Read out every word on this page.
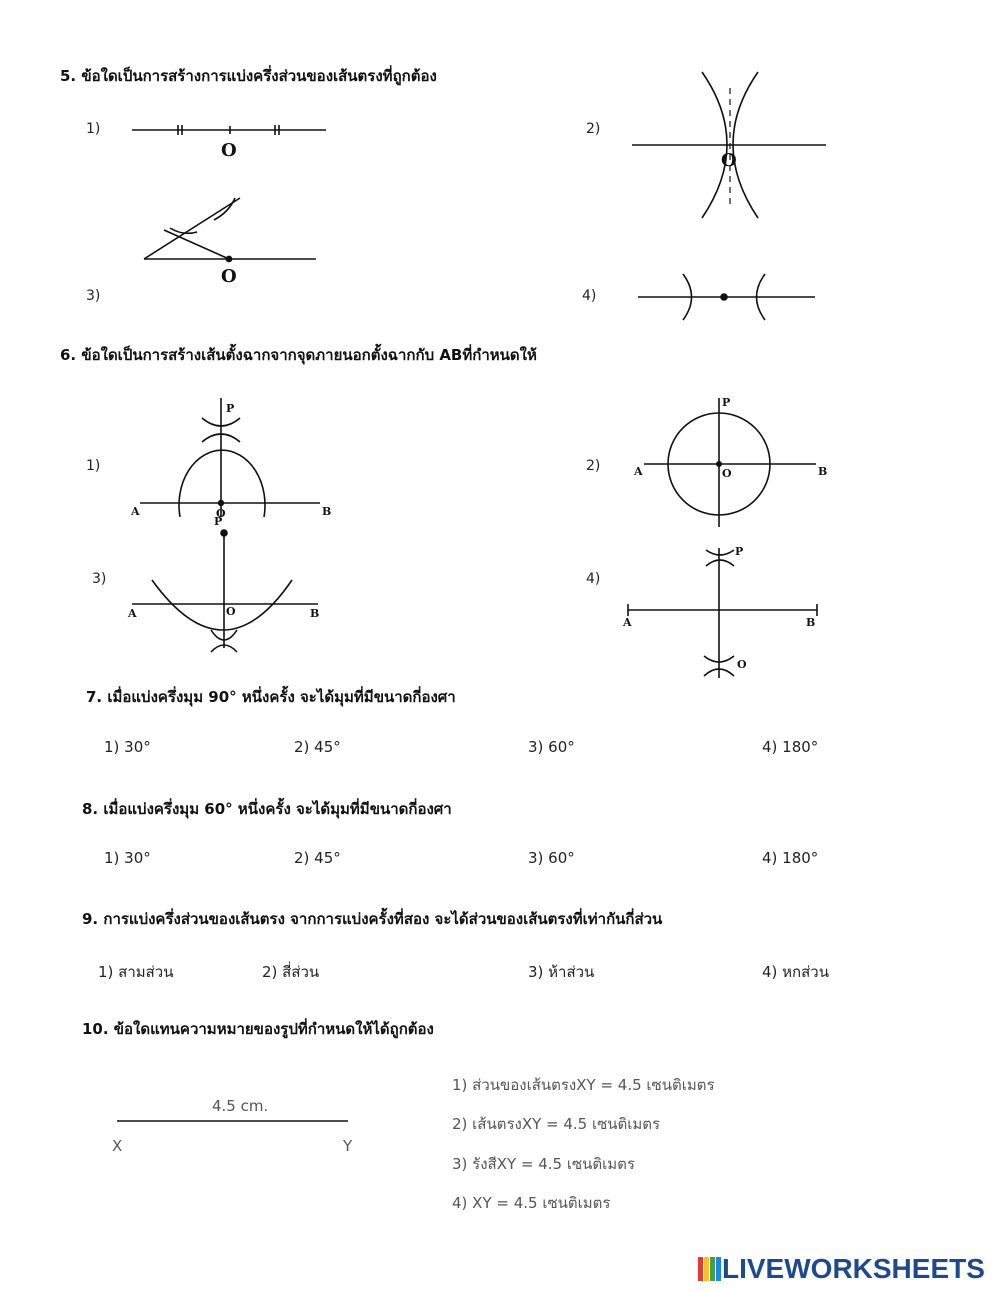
5. ข้อใดเป็นการสร้างการแบ่งครึ่งส่วนของเส้นตรงที่ถูกต้อง
1)	2)
3)	4)
O	O
O
6. ข้อใดเป็นการสร้างเส้นตั้งฉากจากจุดภายนอกตั้งฉากกับ ABที่กำหนดให้
1)	2)
3)	4)
P
A	O	B
P
A	O	B
P
A	O	B
P
A	B
O
7. เมื่อแบ่งครึ่งมุม 90° หนึ่งครั้ง จะได้มุมที่มีขนาดกี่องศา
1) 30°	2) 45°	3) 60°	4) 180°
8. เมื่อแบ่งครึ่งมุม 60° หนึ่งครั้ง จะได้มุมที่มีขนาดกี่องศา
1) 30°	2) 45°	3) 60°	4) 180°
9. การแบ่งครึ่งส่วนของเส้นตรง จากการแบ่งครั้งที่สอง จะได้ส่วนของเส้นตรงที่เท่ากันกี่ส่วน
1) สามส่วน	2) สี่ส่วน	3) ห้าส่วน	4) หกส่วน
10. ข้อใดแทนความหมายของรูปที่กำหนดให้ได้ถูกต้อง
4.5 cm.
X	Y
1) ส่วนของเส้นตรงXY = 4.5 เซนติเมตร
2) เส้นตรงXY = 4.5 เซนติเมตร
3) รังสีXY = 4.5 เซนติเมตร
4) XY = 4.5 เซนติเมตร
LIVEWORKSHEETS
